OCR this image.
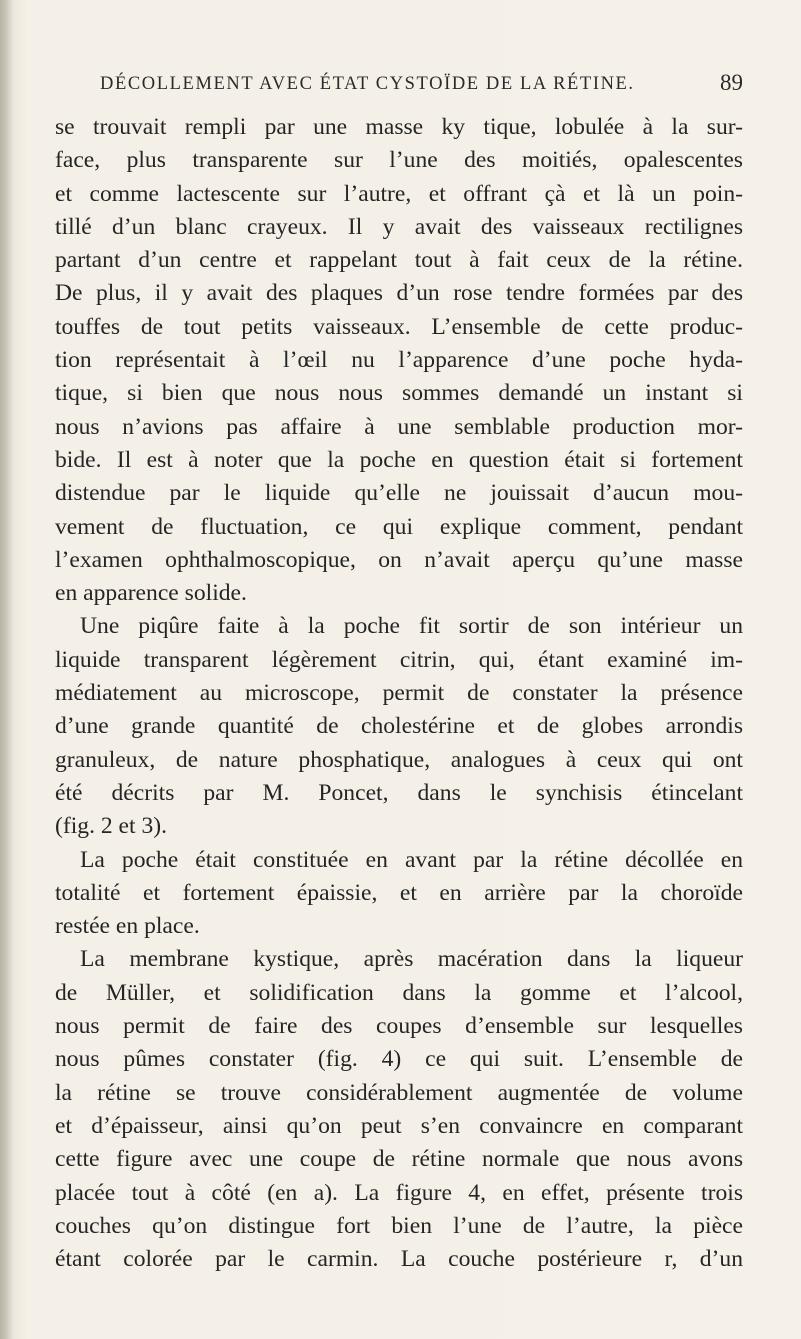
DÉCOLLEMENT AVEC ÉTAT CYSTOÏDE DE LA RÉTINE.	89
se trouvait rempli par une masse ky tique, lobulée à la sur-
face, plus transparente sur l’une des moitiés, opalescentes
et comme lactescente sur l’autre, et offrant çà et là un poin-
tillé d’un blanc crayeux. Il y avait des vaisseaux rectilignes
partant d’un centre et rappelant tout à fait ceux de la rétine.
De plus, il y avait des plaques d’un rose tendre formées par des
touffes de tout petits vaisseaux. L’ensemble de cette produc-
tion représentait à l’œil nu l’apparence d’une poche hyda-
tique, si bien que nous nous sommes demandé un instant si
nous n’avions pas affaire à une semblable production mor-
bide. Il est à noter que la poche en question était si fortement
distendue par le liquide qu’elle ne jouissait d’aucun mou-
vement de fluctuation, ce qui explique comment, pendant
l’examen ophthalmoscopique, on n’avait aperçu qu’une masse
en apparence solide.
Une piqûre faite à la poche fit sortir de son intérieur un
liquide transparent légèrement citrin, qui, étant examiné im-
médiatement au microscope, permit de constater la présence
d’une grande quantité de cholestérine et de globes arrondis
granuleux, de nature phosphatique, analogues à ceux qui ont
été décrits par M. Poncet, dans le synchisis étincelant
(fig. 2 et 3).
La poche était constituée en avant par la rétine décollée en
totalité et fortement épaissie, et en arrière par la choroïde
restée en place.
La membrane kystique, après macération dans la liqueur
de Müller, et solidification dans la gomme et l’alcool,
nous permit de faire des coupes d’ensemble sur lesquelles
nous pûmes constater (fig. 4) ce qui suit. L’ensemble de
la rétine se trouve considérablement augmentée de volume
et d’épaisseur, ainsi qu’on peut s’en convaincre en comparant
cette figure avec une coupe de rétine normale que nous avons
placée tout à côté (en a). La figure 4, en effet, présente trois
couches qu’on distingue fort bien l’une de l’autre, la pièce
étant colorée par le carmin. La couche postérieure r, d’un
